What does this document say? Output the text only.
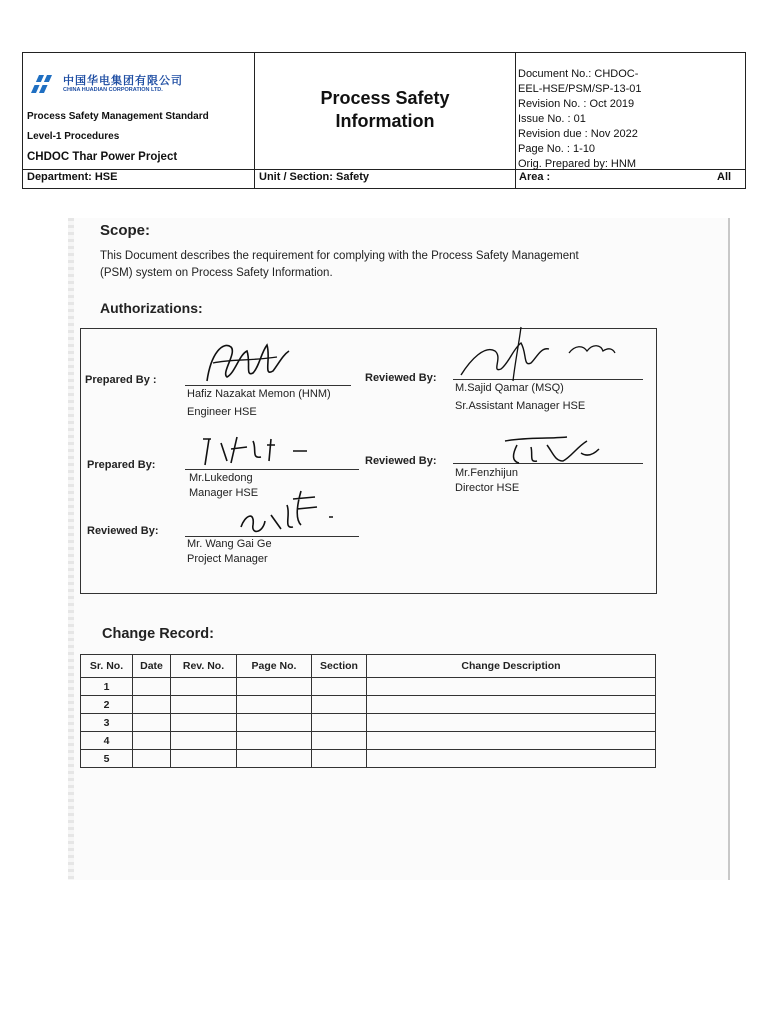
中国华电集团有限公司
CHINA HUADIAN CORPORATION LTD.
Process Safety Management Standard
Level-1 Procedures
CHDOC Thar Power Project
Process Safety
Information
Document No.: CHDOC-
EEL-HSE/PSM/SP-13-01
Revision No. : Oct 2019
Issue No. : 01
Revision due : Nov 2022
Page No. : 1-10
Orig. Prepared by: HNM
Department: HSE	Unit / Section: Safety	Area :	All
Scope:
This Document describes the requirement for complying with the Process Safety Management
(PSM) system on Process Safety Information.
Authorizations:
Prepared By :
Hafiz Nazakat Memon (HNM)
Engineer HSE
Reviewed By:
M.Sajid Qamar (MSQ)
Sr.Assistant Manager HSE
Prepared By:
Mr.Lukedong
Manager HSE
Reviewed By:
Mr.Fenzhijun
Director HSE
Reviewed By:
Mr. Wang Gai Ge
Project Manager
Change Record:
Sr. No.	Date	Rev. No.	Page No.	Section	Change Description
1					
2					
3					
4					
5					
